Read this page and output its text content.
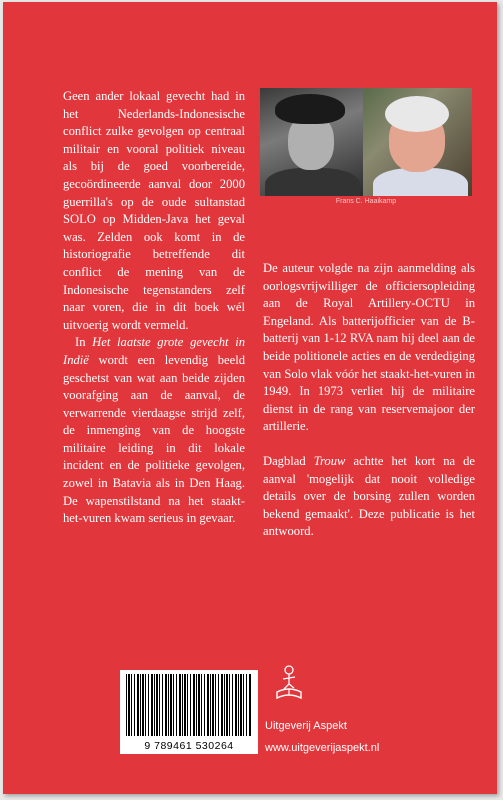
Geen ander lokaal gevecht had in het Nederlands-Indonesische conflict zulke gevolgen op centraal militair en vooral politiek niveau als bij de goed voorbereide, gecoördineerde aanval door 2000 guerrilla's op de oude sultanstad SOLO op Midden-Java het geval was. Zelden ook komt in de historiografie betreffende dit conflict de mening van de Indonesische tegenstanders zelf naar voren, die in dit boek wél uitvoerig wordt vermeld.

In Het laatste grote gevecht in Indië wordt een levendig beeld geschetst van wat aan beide zijden voorafging aan de aanval, de verwarrende vierdaagse strijd zelf, de inmenging van de hoogste militaire leiding in dit lokale incident en de politieke gevolgen, zowel in Batavia als in Den Haag. De wapenstilstand na het staakt-het-vuren kwam serieus in gevaar.

Frans C. Haaikamp

De auteur volgde na zijn aanmelding als oorlogsvrijwilliger de officiersopleiding aan de Royal Artillery-OCTU in Engeland. Als batterijofficier van de B-batterij van 1-12 RVA nam hij deel aan de beide politionele acties en de verdediging van Solo vlak vóór het staakt-het-vuren in 1949. In 1973 verliet hij de militaire dienst in de rang van reservemajoor der artillerie.

Dagblad Trouw achtte het kort na de aanval 'mogelijk dat nooit volledige details over de borsing zullen worden bekend gemaakt'. Deze publicatie is het antwoord.

9 789461 530264
Uitgeverij Aspekt
www.uitgeverijaspekt.nl
